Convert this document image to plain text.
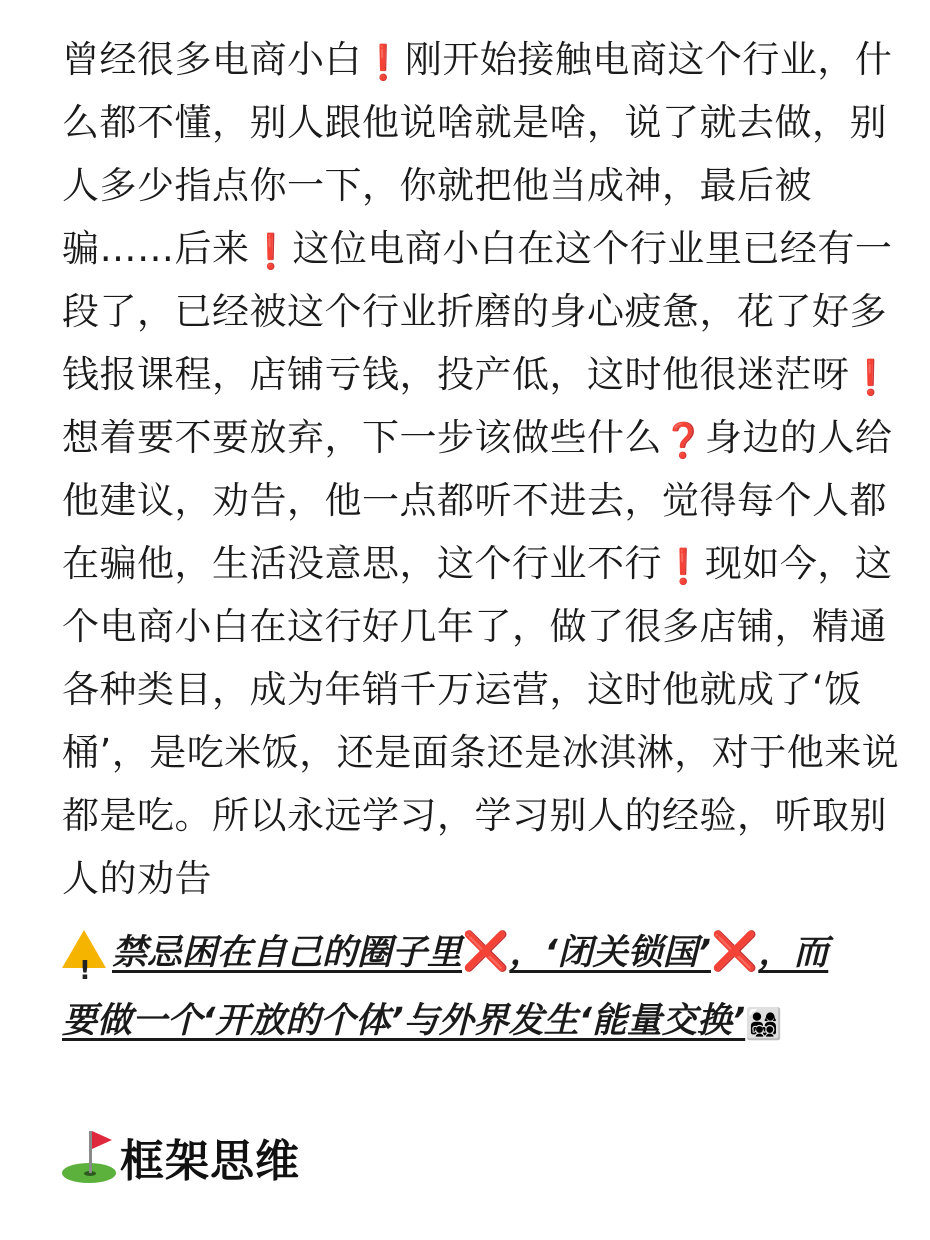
曾经很多电商小白❗刚开始接触电商这个行业，什
么都不懂，别人跟他说啥就是啥，说了就去做，别
人多少指点你一下，你就把他当成神，最后被
骗……后来❗这位电商小白在这个行业里已经有一
段了，已经被这个行业折磨的身心疲惫，花了好多
钱报课程，店铺亏钱，投产低，这时他很迷茫呀❗
想着要不要放弃，下一步该做些什么❓身边的人给
他建议，劝告，他一点都听不进去，觉得每个人都
在骗他，生活没意思，这个行业不行❗现如今，这
个电商小白在这行好几年了，做了很多店铺，精通
各种类目，成为年销千万运营，这时他就成了‘饭
桶’，是吃米饭，还是面条还是冰淇淋，对于他来说
都是吃。所以永远学习，学习别人的经验，听取别
人的劝告
!禁忌困在自己的圈子里❌，‘闭关锁国’❌，而
要做一个‘开放的个体’与外界发生‘能量交换’👨‍👩‍👧‍👦
框架思维
